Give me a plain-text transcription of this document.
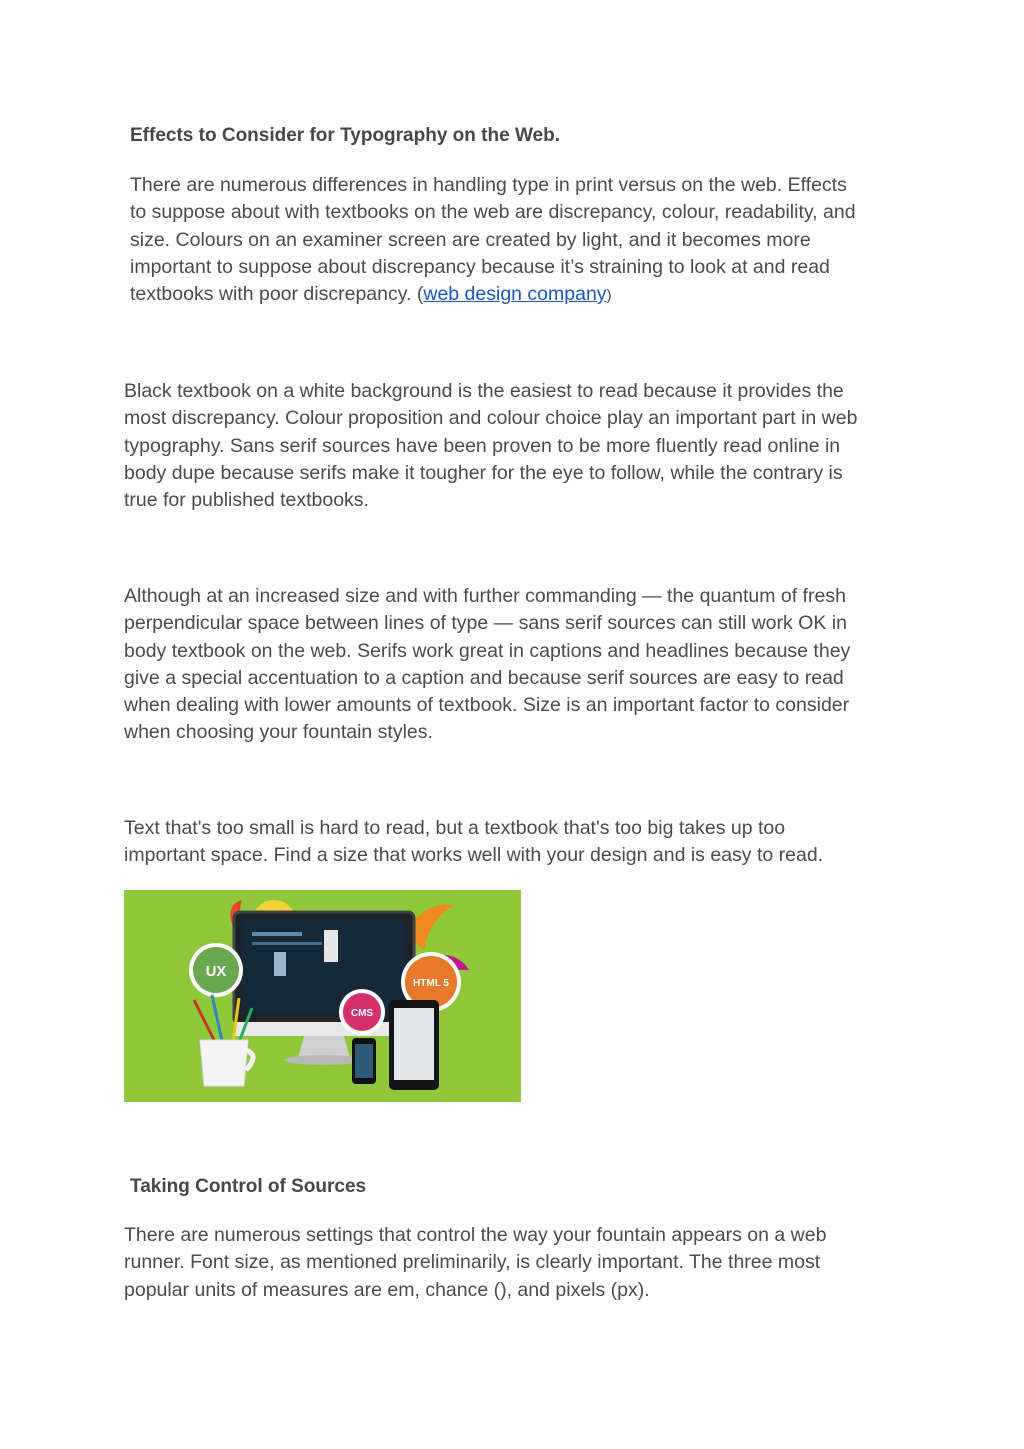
Effects to Consider for Typography on the Web.
There are numerous differences in handling type in print versus on the web. Effects
to suppose about with textbooks on the web are discrepancy, colour, readability, and
size. Colours on an examiner screen are created by light, and it becomes more
important to suppose about discrepancy because it’s straining to look at and read
textbooks with poor discrepancy. (web design company)
Black textbook on a white background is the easiest to read because it provides the
most discrepancy. Colour proposition and colour choice play an important part in web
typography. Sans serif sources have been proven to be more fluently read online in
body dupe because serifs make it tougher for the eye to follow, while the contrary is
true for published textbooks.
Although at an increased size and with further commanding — the quantum of fresh
perpendicular space between lines of type — sans serif sources can still work OK in
body textbook on the web. Serifs work great in captions and headlines because they
give a special accentuation to a caption and because serif sources are easy to read
when dealing with lower amounts of textbook. Size is an important factor to consider
when choosing your fountain styles.
Text that's too small is hard to read, but a textbook that's too big takes up too
important space. Find a size that works well with your design and is easy to read.
UX
HTML 5
CMS
Taking Control of Sources
There are numerous settings that control the way your fountain appears on a web
runner. Font size, as mentioned preliminarily, is clearly important. The three most
popular units of measures are em, chance (), and pixels (px).
